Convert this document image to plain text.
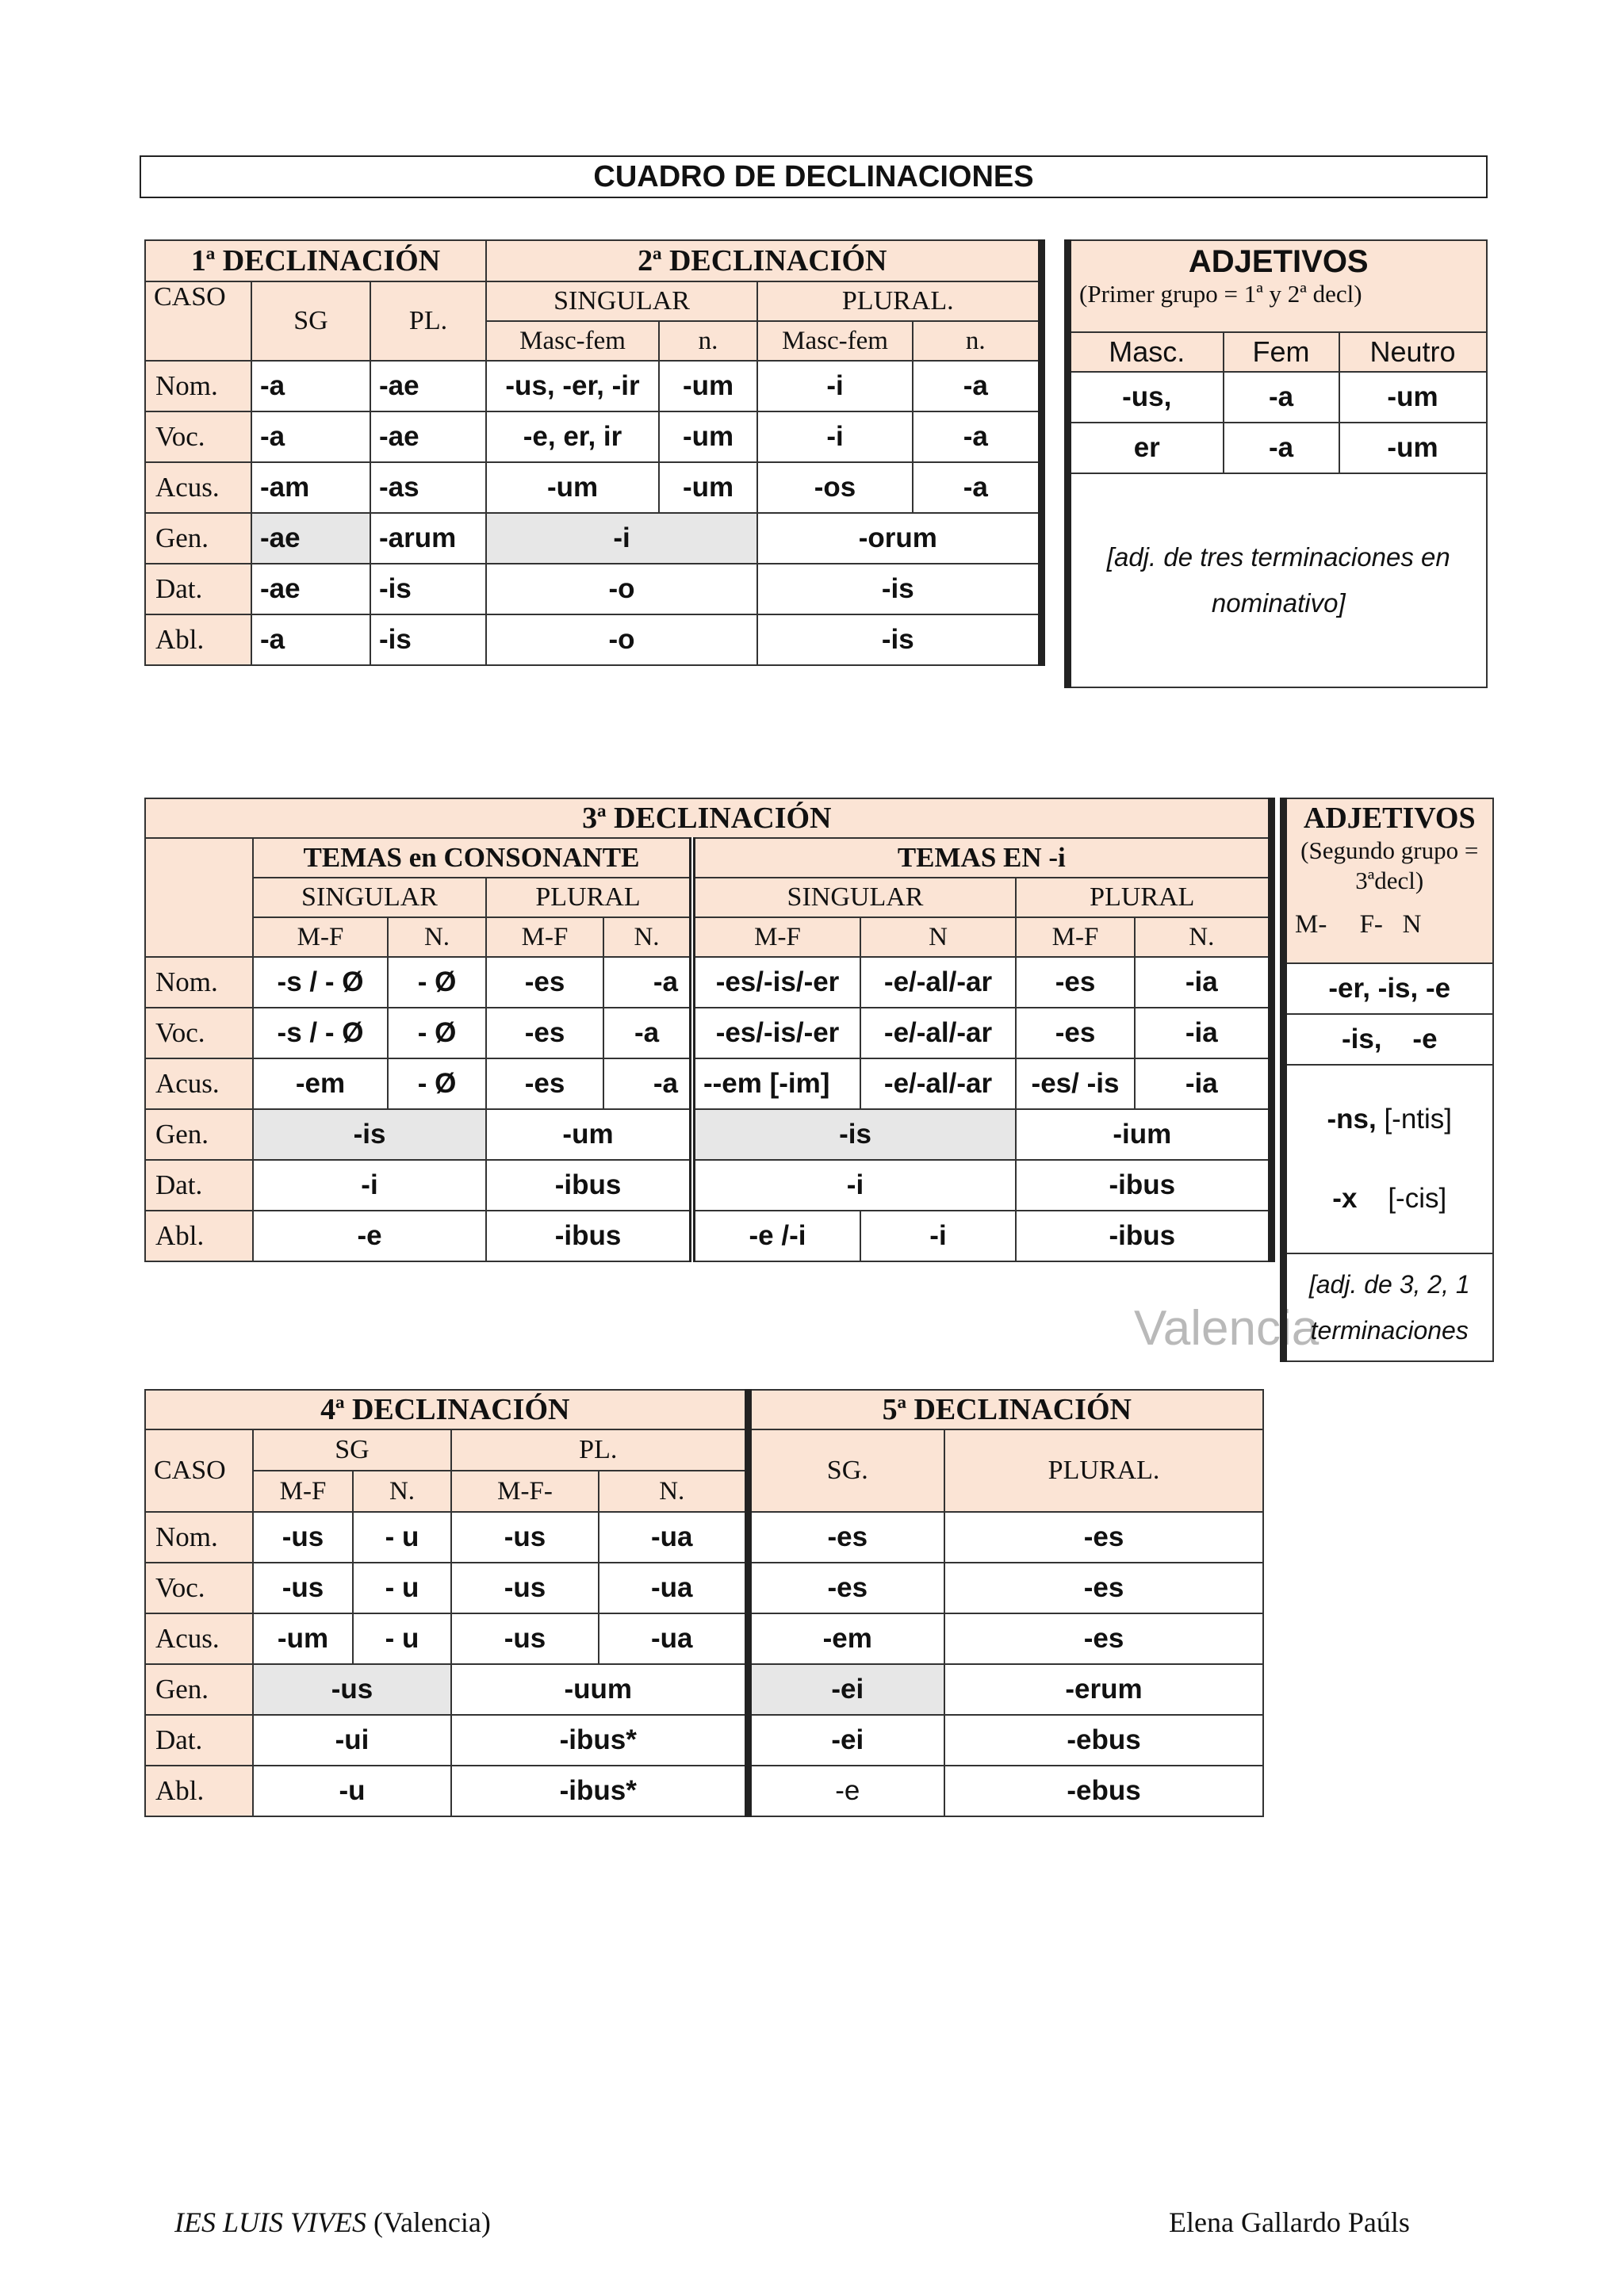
CUADRO DE DECLINACIONES
Valencia
1ª DECLINACIÓN			2ª DECLINACIÓN			
CASO	SG	PL.	SINGULAR		PLURAL.	
			Masc-fem	n.	Masc-fem	n.
Nom.	-a	-ae	-us, -er, -ir	-um	-i	-a
Voc.	-a	-ae	-e, er, ir	-um	-i	-a
Acus.	-am	-as	-um	-um	-os	-a
Gen.	-ae	-arum	-i		-orum	
Dat.	-ae	-is	-o		-is	
Abl.	-a	-is	-o		-is	
ADJETIVOS
(Primer grupo = 1ª y 2ª decl)		

Masc.	Fem	Neutro
-us,	-a	-um
er	-a	-um
[adj. de tres terminaciones en nominativo]		
3ª DECLINACIÓN								
	TEMAS en CONSONANTE				TEMAS EN -i			
	SINGULAR		PLURAL		SINGULAR		PLURAL	
	M-F	N.	M-F	N.	M-F	N	M-F	N.
Nom.	-s / - Ø	- Ø	-es	-a	-es/-is/-er	-e/-al/-ar	-es	-ia
Voc.	-s / - Ø	- Ø	-es	-a	-es/-is/-er	-e/-al/-ar	-es	-ia
Acus.	-em	- Ø	-es	-a	--em [-im]	-e/-al/-ar	-es/ -is	-ia
Gen.	-is		-um		-is		-ium	
Dat.	-i		-ibus		-i		-ibus	
Abl.	-e		-ibus		-e /-i	-i	-ibus	
ADJETIVOS
(Segundo grupo = 3ªdecl)
M-     F-   N

-er, -is, -e
-is,    -e

-ns, [-ntis]

-x    [-cis]

[adj. de 3, 2, 1 terminaciones
4ª DECLINACIÓN					5ª DECLINACIÓN	
CASO	SG		PL.		SG.	PLURAL.
	M-F	N.	M-F-	N.		
Nom.	-us	- u	-us	-ua	-es	-es
Voc.	-us	- u	-us	-ua	-es	-es
Acus.	-um	- u	-us	-ua	-em	-es
Gen.	-us		-uum		-ei	-erum
Dat.	-ui		-ibus*		-ei	-ebus
Abl.	-u		-ibus*		-e	-ebus
IES LUIS VIVES (Valencia)	Elena Gallardo Paúls
